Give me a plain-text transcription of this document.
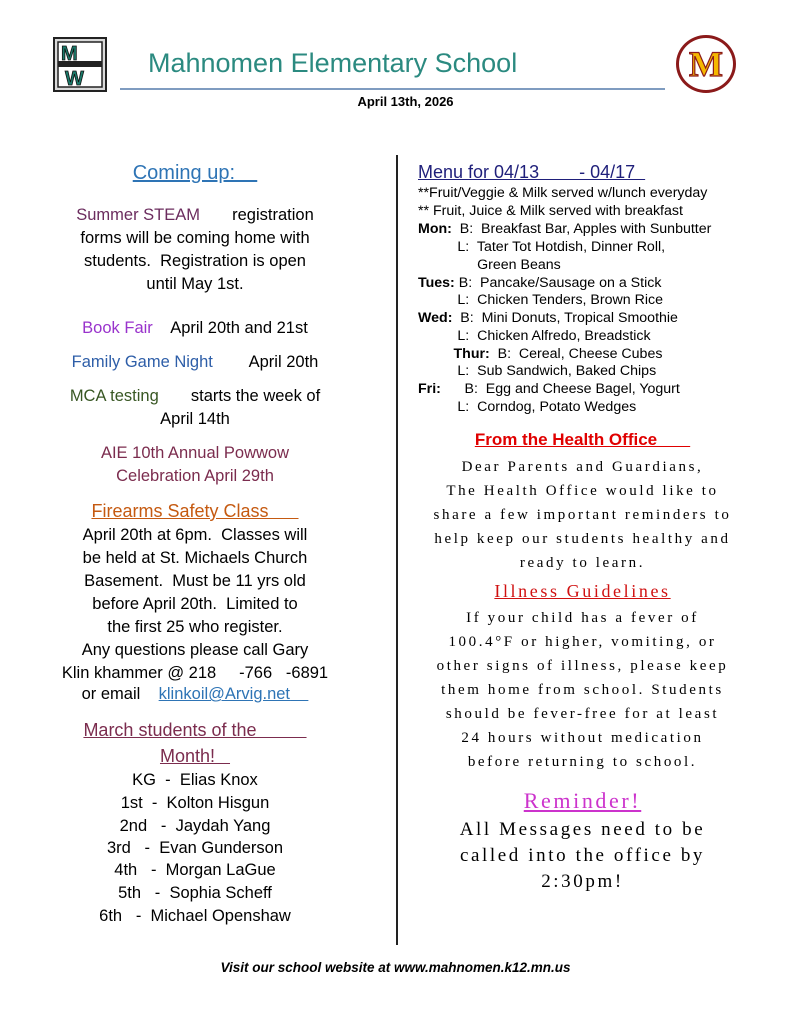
M
W
Mahnomen Elementary School	M
April 13th, 2026
Coming up:
Summer STEAM       registration
forms will be coming home with
students.  Registration is open
until May 1st.
Book Fair    April 20th and 21st
Family Game Night        April 20th
MCA testing       starts the week of
April 14th
AIE 10th Annual Powwow
Celebration April 29th
Firearms Safety Class
April 20th at 6pm.  Classes will
be held at St. Michaels Church
Basement.  Must be 11 yrs old
before April 20th.  Limited to
the first 25 who register.
Any questions please call Gary
Klin khammer @ 218     -766   -6891
or email    klinkoil@Arvig.net
March students of the
Month!
KG  -  Elias Knox
1st  -  Kolton Hisgun
2nd   -  Jaydah Yang
3rd   -  Evan Gunderson
4th   -  Morgan LaGue
5th   -  Sophia Scheff
6th   -  Michael Openshaw
Menu for 04/13        - 04/17
**Fruit/Veggie & Milk served w/lunch everyday
** Fruit, Juice & Milk served with breakfast
Mon:  B:  Breakfast Bar, Apples with Sunbutter
L:  Tater Tot Hotdish, Dinner Roll,
Green Beans
Tues: B:  Pancake/Sausage on a Stick
L:  Chicken Tenders, Brown Rice
Wed:  B:  Mini Donuts, Tropical Smoothie
L:  Chicken Alfredo, Breadstick
Thur:  B:  Cereal, Cheese Cubes
L:  Sub Sandwich, Baked Chips
Fri:      B:  Egg and Cheese Bagel, Yogurt
L:  Corndog, Potato Wedges
From the Health Office
Dear Parents and Guardians,
The Health Office would like to
share a few important reminders to
help keep our students healthy and
ready to learn.
Illness Guidelines
If your child has a fever of
100.4°F or higher, vomiting, or
other signs of illness, please keep
them home from school. Students
should be fever-free for at least
24 hours without medication
before returning to school.
Reminder!
All Messages need to be
called into the office by
2:30pm!
Visit our school website at www.mahnomen.k12.mn.us
